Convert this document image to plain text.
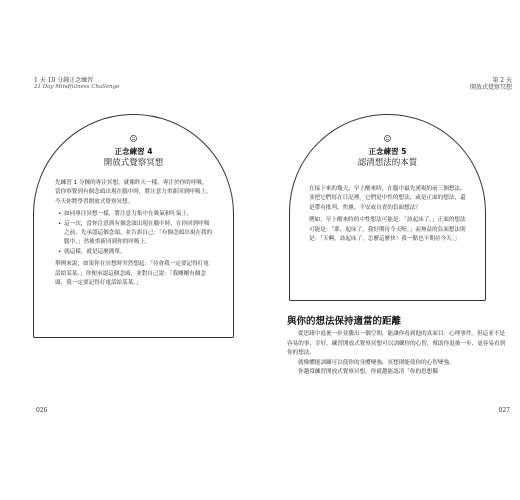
1 天 10 分鐘正念練習
21 Day Mindfulness Challenge
正念練習 4
開放式覺察冥想

先練習 1 分鐘的專注冥想，就像昨天一樣，專注於你的呼吸，當你察覺到有個念頭出現在腦中時，將注意力重新回到呼吸上。今天你將學習開放式覺察冥想。

• 如同專注冥想一樣，將注意力集中在吸氣和吐氣上。
• 這一次，當你注意到有個念頭出現在腦中時，在你回到呼吸之前，先承認這個念頭，並告訴自己：「有個念頭出現在我的腦中。」然後重新回到你的呼吸上。
• 就這樣，就是這麼簡單。

舉例來說，如果你在冥想時突然想起：「待會我一定要記得打電話給某某。」你便承認這個念頭，並對自己說：「我剛剛有個念頭，我一定要記得打電話給某某。」

026
第 2 天
開放式覺察冥想
正念練習 5
認清想法的本質

在接下來的幾天，早上醒來時，在腦中最先湧現的前三個想法，並把它們寫在日記裡。它們是中性的想法，或是正面的想法，還是帶有批判、焦慮、不安或自責的負面想法？

例如，早上醒來時的中性想法可能是：「該起床了。」正面的想法可能是：「耶，起床了，我好期待今天喔。」而無益的負面想法則是：「天啊，該起床了，怎麼這麼快！我一點也不期待今天。」

與你的想法保持適當的距離

從思緒中退後一步並騰出一個空間，能讓你看到他的真面目：心理事件。但這並不是容易的事，幸好，練習開放式覺察冥想可以訓練你的心智，幫助你退後一步，更容易看到你的想法。

就像體能訓練可以使你的身體變強，冥想則能使你的心智變強。

你越常練習開放式覺察冥想，你就越能認清「你的思想獨

027
